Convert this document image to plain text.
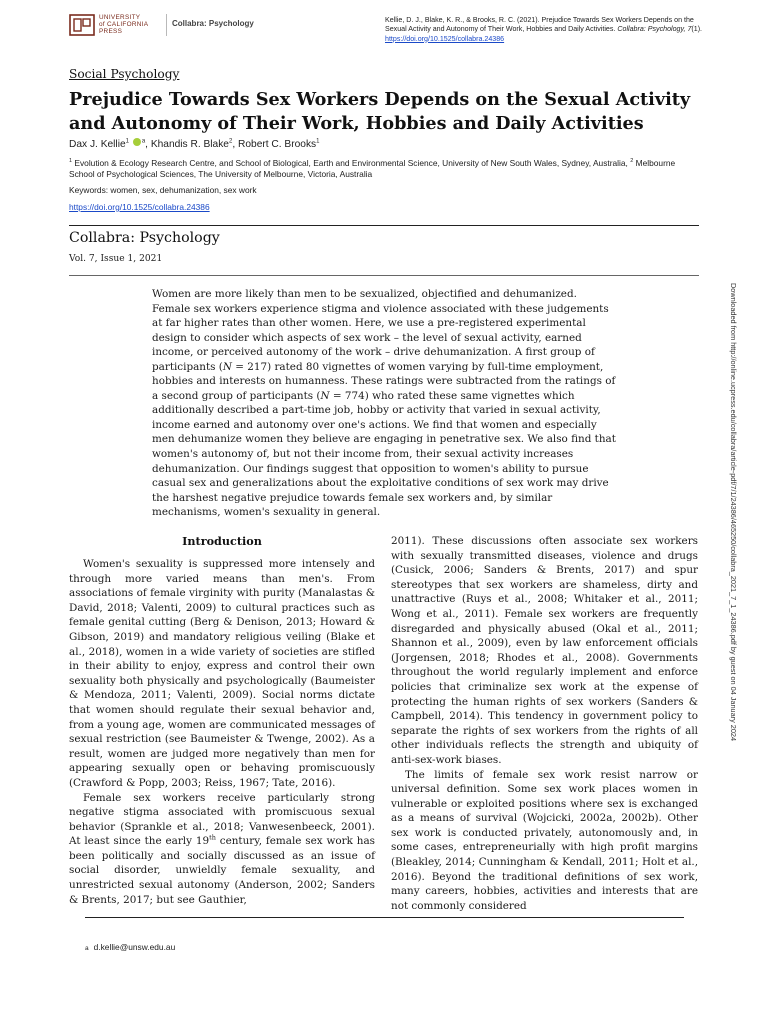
UNIVERSITY
of CALIFORNIA
PRESS
Collabra: Psychology	Kellie, D. J., Blake, K. R., & Brooks, R. C. (2021). Prejudice Towards Sex Workers Depends on the Sexual Activity and Autonomy of Their Work, Hobbies and Daily Activities. Collabra: Psychology, 7(1). https://doi.org/10.1525/collabra.24386
Social Psychology
Prejudice Towards Sex Workers Depends on the Sexual Activity and Autonomy of Their Work, Hobbies and Daily Activities
Dax J. Kellie$^1$ $^a$, Khandis R. Blake$^2$, Robert C. Brooks$^1$
$^1$ Evolution & Ecology Research Centre, and School of Biological, Earth and Environmental Science, University of New South Wales, Sydney, Australia, $^2$ Melbourne School of Psychological Sciences, The University of Melbourne, Victoria, Australia
Keywords: women, sex, dehumanization, sex work
https://doi.org/10.1525/collabra.24386
Collabra: Psychology
Vol. 7, Issue 1, 2021
Women are more likely than men to be sexualized, objectified and dehumanized. Female sex workers experience stigma and violence associated with these judgements at far higher rates than other women. Here, we use a pre-registered experimental design to consider which aspects of sex work – the level of sexual activity, earned income, or perceived autonomy of the work – drive dehumanization. A first group of participants (N = 217) rated 80 vignettes of women varying by full-time employment, hobbies and interests on humanness. These ratings were subtracted from the ratings of a second group of participants (N = 774) who rated these same vignettes which additionally described a part-time job, hobby or activity that varied in sexual activity, income earned and autonomy over one's actions. We find that women and especially men dehumanize women they believe are engaging in penetrative sex. We also find that women's autonomy of, but not their income from, their sexual activity increases dehumanization. Our findings suggest that opposition to women's ability to pursue casual sex and generalizations about the exploitative conditions of sex work may drive the harshest negative prejudice towards female sex workers and, by similar mechanisms, women's sexuality in general.	Downloaded from http://online.ucpress.edu/collabra/article-pdf/7/1/24386/465250/collabra_2021_7_1_24386.pdf by guest on 04 January 2024
Introduction

Women's sexuality is suppressed more intensely and through more varied means than men's. From associations of female virginity with purity (Manalastas & David, 2018; Valenti, 2009) to cultural practices such as female genital cutting (Berg & Denison, 2013; Howard & Gibson, 2019) and mandatory religious veiling (Blake et al., 2018), women in a wide variety of societies are stifled in their ability to enjoy, express and control their own sexuality both physically and psychologically (Baumeister & Mendoza, 2011; Valenti, 2009). Social norms dictate that women should regulate their sexual behavior and, from a young age, women are communicated messages of sexual restriction (see Baumeister & Twenge, 2002). As a result, women are judged more negatively than men for appearing sexually open or behaving promiscuously (Crawford & Popp, 2003; Reiss, 1967; Tate, 2016).

Female sex workers receive particularly strong negative stigma associated with promiscuous sexual behavior (Sprankle et al., 2018; Vanwesenbeeck, 2001). At least since the early 19th century, female sex work has been politically and socially discussed as an issue of social disorder, unwieldly female sexuality, and unrestricted sexual autonomy (Anderson, 2002; Sanders & Brents, 2017; but see Gauthier,

2011). These discussions often associate sex workers with sexually transmitted diseases, violence and drugs (Cusick, 2006; Sanders & Brents, 2017) and spur stereotypes that sex workers are shameless, dirty and unattractive (Ruys et al., 2008; Whitaker et al., 2011; Wong et al., 2011). Female sex workers are frequently disregarded and physically abused (Okal et al., 2011; Shannon et al., 2009), even by law enforcement officials (Jorgensen, 2018; Rhodes et al., 2008). Governments throughout the world regularly implement and enforce policies that criminalize sex work at the expense of protecting the human rights of sex workers (Sanders & Campbell, 2014). This tendency in government policy to separate the rights of sex workers from the rights of all other individuals reflects the strength and ubiquity of anti-sex-work biases.

The limits of female sex work resist narrow or universal definition. Some sex work places women in vulnerable or exploited positions where sex is exchanged as a means of survival (Wojcicki, 2002a, 2002b). Other sex work is conducted privately, autonomously and, in some cases, entrepreneurially with high profit margins (Bleakley, 2014; Cunningham & Kendall, 2011; Holt et al., 2016). Beyond the traditional definitions of sex work, many careers, hobbies, activities and interests that are not commonly considered

a d.kellie@unsw.edu.au
